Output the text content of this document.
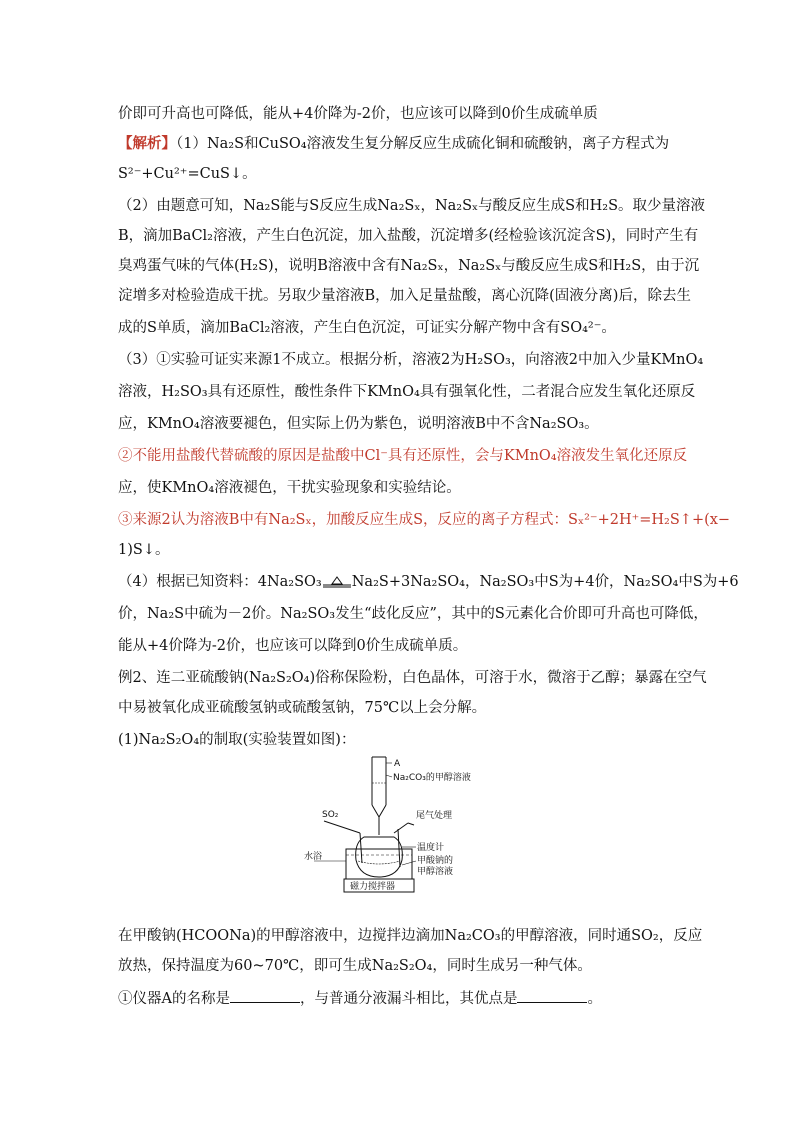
价即可升高也可降低，能从+4价降为-2价，也应该可以降到0价生成硫单质
【解析】（1）Na₂S和CuSO₄溶液发生复分解反应生成硫化铜和硫酸钠，离子方程式为
S²⁻+Cu²⁺=CuS↓。
（2）由题意可知，Na₂S能与S反应生成Na₂Sₓ，Na₂Sₓ与酸反应生成S和H₂S。取少量溶液
B，滴加BaCl₂溶液，产生白色沉淀，加入盐酸，沉淀增多(经检验该沉淀含S)，同时产生有
臭鸡蛋气味的气体(H₂S)，说明B溶液中含有Na₂Sₓ，Na₂Sₓ与酸反应生成S和H₂S，由于沉
淀增多对检验造成干扰。另取少量溶液B，加入足量盐酸，离心沉降(固液分离)后，除去生
成的S单质，滴加BaCl₂溶液，产生白色沉淀，可证实分解产物中含有SO₄²⁻。
（3）①实验可证实来源1不成立。根据分析，溶液2为H₂SO₃，向溶液2中加入少量KMnO₄
溶液，H₂SO₃具有还原性，酸性条件下KMnO₄具有强氧化性，二者混合应发生氧化还原反
应，KMnO₄溶液要褪色，但实际上仍为紫色，说明溶液B中不含Na₂SO₃。
②不能用盐酸代替硫酸的原因是盐酸中Cl⁻具有还原性，会与KMnO₄溶液发生氧化还原反
应，使KMnO₄溶液褪色，干扰实验现象和实验结论。
③来源2认为溶液B中有Na₂Sₓ，加酸反应生成S，反应的离子方程式：Sₓ²⁻+2H⁺=H₂S↑+(x−
1)S↓。
（4）根据已知资料：4Na₂SO₃ Na₂S+3Na₂SO₄，Na₂SO₃中S为+4价，Na₂SO₄中S为+6
价，Na₂S中硫为－2价。Na₂SO₃发生“歧化反应”，其中的S元素化合价即可升高也可降低，
能从+4价降为-2价，也应该可以降到0价生成硫单质。
例2、连二亚硫酸钠(Na₂S₂O₄)俗称保险粉，白色晶体，可溶于水，微溶于乙醇；暴露在空气
中易被氧化成亚硫酸氢钠或硫酸氢钠，75℃以上会分解。
(1)Na₂S₂O₄的制取(实验装置如图)：
A
Na₂CO₃的甲醇溶液
SO₂	尾气处理
温度计
水浴	甲酸钠的
甲醇溶液
磁力搅拌器
在甲酸钠(HCOONa)的甲醇溶液中，边搅拌边滴加Na₂CO₃的甲醇溶液，同时通SO₂，反应
放热，保持温度为60~70℃，即可生成Na₂S₂O₄，同时生成另一种气体。
①仪器A的名称是	，与普通分液漏斗相比，其优点是	。
